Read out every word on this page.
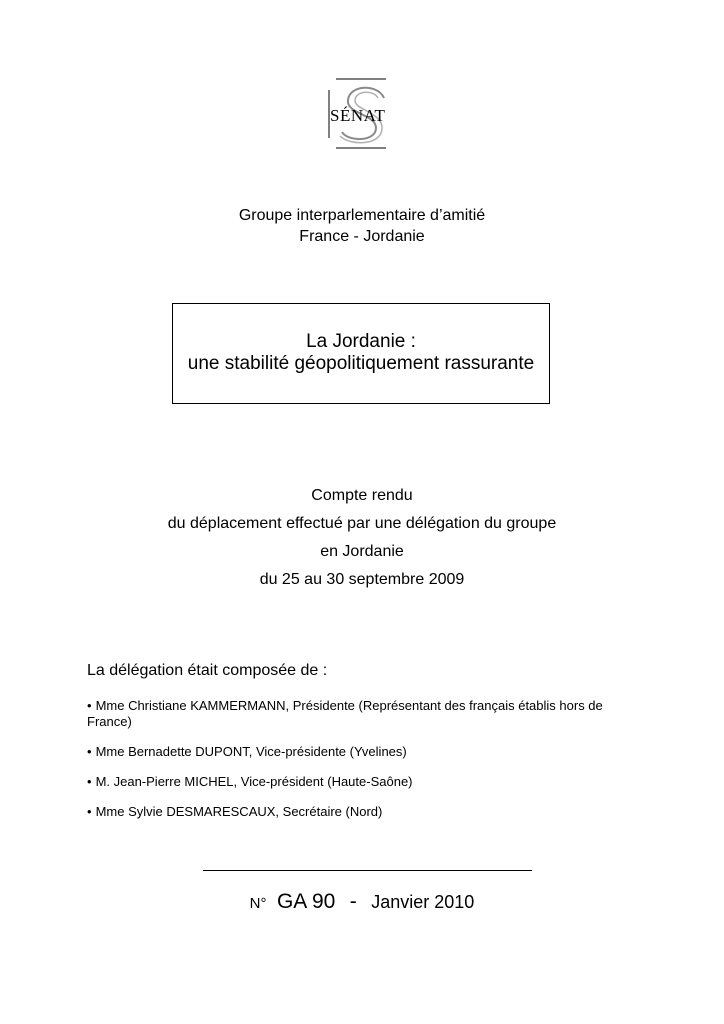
SÉNAT
Groupe interparlementaire d’amitié
France - Jordanie
La Jordanie :
une stabilité géopolitiquement rassurante
Compte rendu
du déplacement effectué par une délégation du groupe
en Jordanie
du 25 au 30 septembre 2009
La délégation était composée de :
• Mme Christiane KAMMERMANN, Présidente (Représentant des français établis hors de France)
• Mme Bernadette DUPONT, Vice-présidente (Yvelines)
• M. Jean-Pierre MICHEL, Vice-président (Haute-Saône)
• Mme Sylvie DESMARESCAUX, Secrétaire (Nord)
N° GA 90 - Janvier 2010
